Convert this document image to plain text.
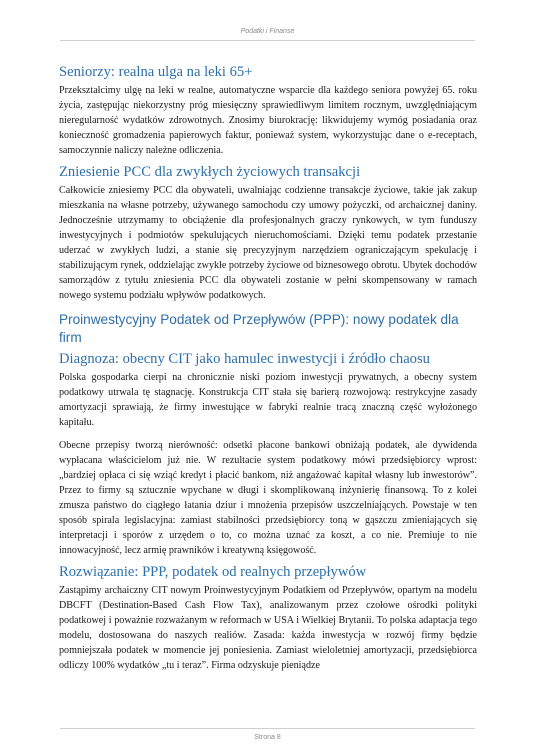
Podatki i Finanse
Seniorzy: realna ulga na leki 65+

Przekształcimy ulgę na leki w realne, automatyczne wsparcie dla każdego seniora powyżej 65. roku życia, zastępując niekorzystny próg miesięczny sprawiedliwym limitem rocznym, uwzględniającym nieregularność wydatków zdrowotnych. Znosimy biurokrację: likwidujemy wymóg posiadania oraz konieczność gromadzenia papierowych faktur, ponieważ system, wykorzystując dane o e-receptach, samoczynnie naliczy należne odliczenia.

Zniesienie PCC dla zwykłych życiowych transakcji

Całkowicie zniesiemy PCC dla obywateli, uwalniając codzienne transakcje życiowe, takie jak zakup mieszkania na własne potrzeby, używanego samochodu czy umowy pożyczki, od archaicznej daniny. Jednocześnie utrzymamy to obciążenie dla profesjonalnych graczy rynkowych, w tym funduszy inwestycyjnych i podmiotów spekulujących nieruchomościami. Dzięki temu podatek przestanie uderzać w zwykłych ludzi, a stanie się precyzyjnym narzędziem ograniczającym spekulację i stabilizującym rynek, oddzielając zwykłe potrzeby życiowe od biznesowego obrotu. Ubytek dochodów samorządów z tytułu zniesienia PCC dla obywateli zostanie w pełni skompensowany w ramach nowego systemu podziału wpływów podatkowych.

Proinwestycyjny Podatek od Przepływów (PPP): nowy podatek dla firm
Diagnoza: obecny CIT jako hamulec inwestycji i źródło chaosu

Polska gospodarka cierpi na chronicznie niski poziom inwestycji prywatnych, a obecny system podatkowy utrwala tę stagnację. Konstrukcja CIT stała się barierą rozwojową: restrykcyjne zasady amortyzacji sprawiają, że firmy inwestujące w fabryki realnie tracą znaczną część wyłożonego kapitału.

Obecne przepisy tworzą nierówność: odsetki płacone bankowi obniżają podatek, ale dywidenda wypłacana właścicielom już nie. W rezultacie system podatkowy mówi przedsiębiorcy wprost: „bardziej opłaca ci się wziąć kredyt i płacić bankom, niż angażować kapitał własny lub inwestorów”. Przez to firmy są sztucznie wpychane w długi i skomplikowaną inżynierię finansową. To z kolei zmusza państwo do ciągłego łatania dziur i mnożenia przepisów uszczelniających. Powstaje w ten sposób spirala legislacyjna: zamiast stabilności przedsiębiorcy toną w gąszczu zmieniających się interpretacji i sporów z urzędem o to, co można uznać za koszt, a co nie. Premiuje to nie innowacyjność, lecz armię prawników i kreatywną księgowość.

Rozwiązanie: PPP, podatek od realnych przepływów

Zastąpimy archaiczny CIT nowym Proinwestycyjnym Podatkiem od Przepływów, opartym na modelu DBCFT (Destination-Based Cash Flow Tax), analizowanym przez czołowe ośrodki polityki podatkowej i poważnie rozważanym w reformach w USA i Wielkiej Brytanii. To polska adaptacja tego modelu, dostosowana do naszych realiów. Zasada: każda inwestycja w rozwój firmy będzie pomniejszała podatek w momencie jej poniesienia. Zamiast wieloletniej amortyzacji, przedsiębiorca odliczy 100% wydatków „tu i teraz”. Firma odzyskuje pieniądze

Strona 8
